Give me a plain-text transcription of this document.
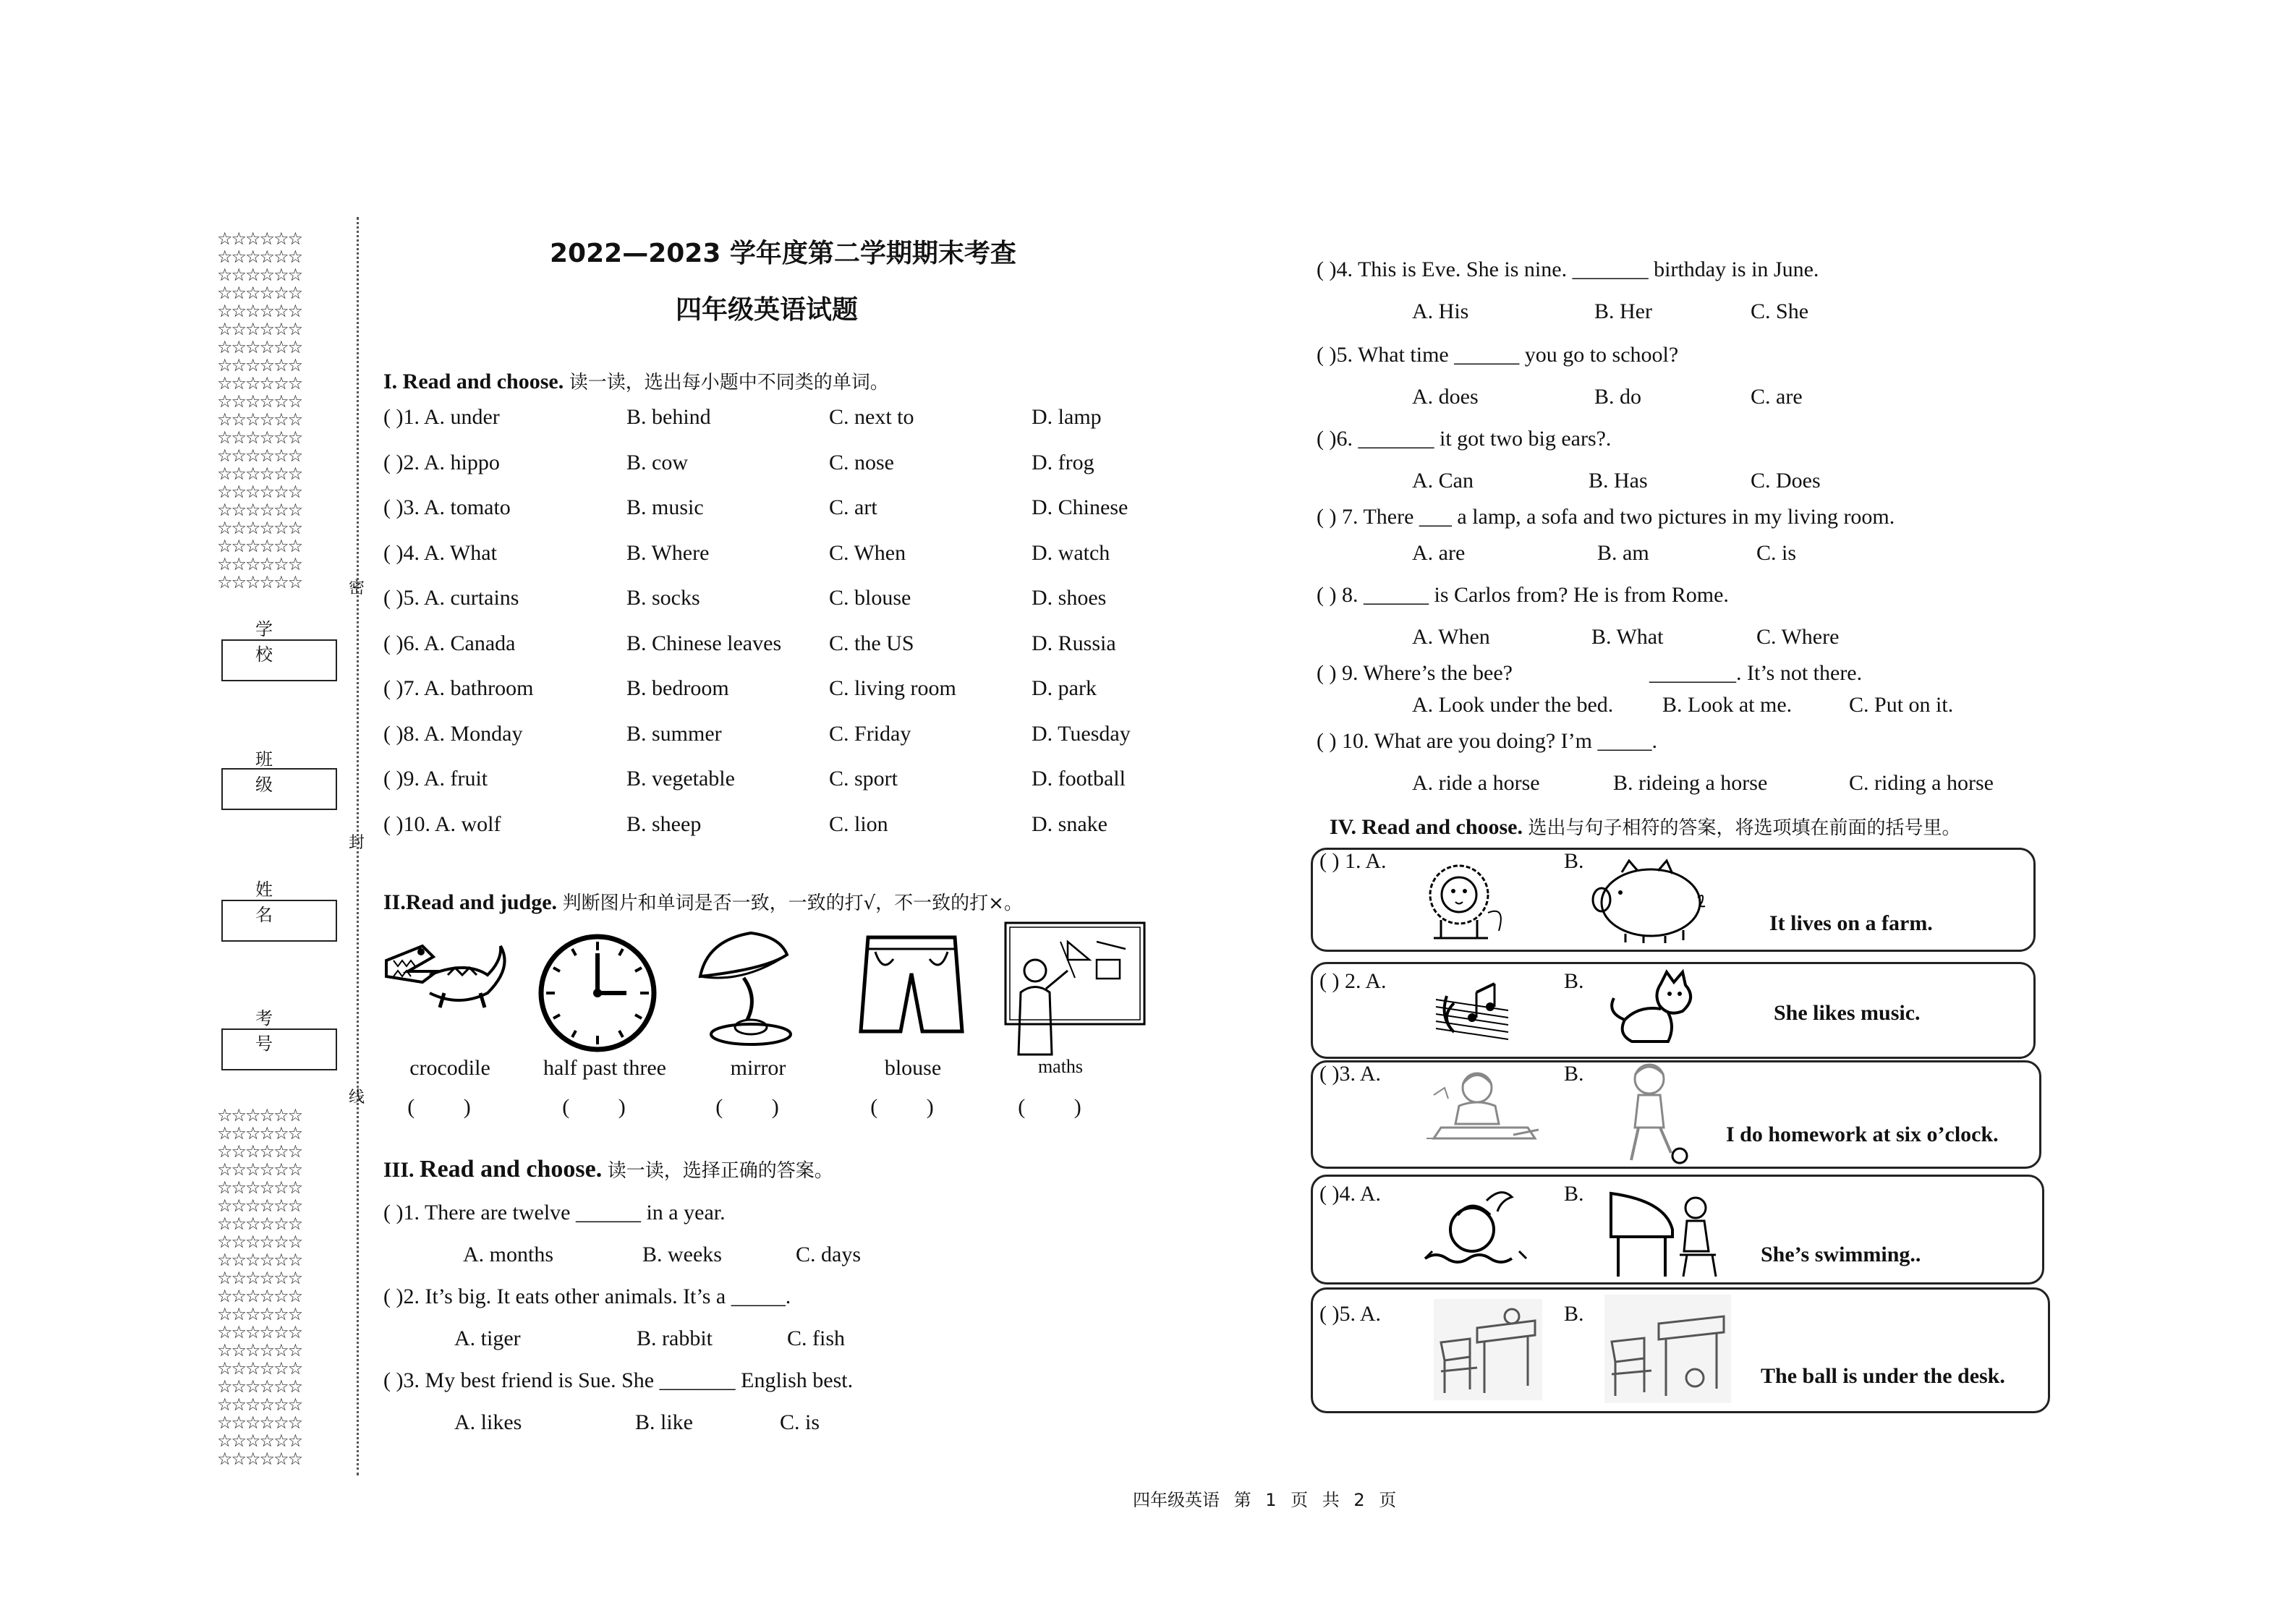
☆☆☆☆☆☆
☆☆☆☆☆☆
☆☆☆☆☆☆
☆☆☆☆☆☆
☆☆☆☆☆☆
☆☆☆☆☆☆
☆☆☆☆☆☆
☆☆☆☆☆☆
☆☆☆☆☆☆
☆☆☆☆☆☆
☆☆☆☆☆☆
☆☆☆☆☆☆
☆☆☆☆☆☆
☆☆☆☆☆☆
☆☆☆☆☆☆
☆☆☆☆☆☆
☆☆☆☆☆☆
☆☆☆☆☆☆
☆☆☆☆☆☆
☆☆☆☆☆☆
☆☆☆☆☆☆
☆☆☆☆☆☆
☆☆☆☆☆☆
☆☆☆☆☆☆
☆☆☆☆☆☆
☆☆☆☆☆☆
☆☆☆☆☆☆
☆☆☆☆☆☆
☆☆☆☆☆☆
☆☆☆☆☆☆
☆☆☆☆☆☆
☆☆☆☆☆☆
☆☆☆☆☆☆
☆☆☆☆☆☆
☆☆☆☆☆☆
☆☆☆☆☆☆
☆☆☆☆☆☆
☆☆☆☆☆☆
☆☆☆☆☆☆
☆☆☆☆☆☆
密
封
线
学 校
班 级
姓 名
考 号
2022—2023 学年度第二学期期末考查
四年级英语试题
I. Read and choose. 读一读，选出每小题中不同类的单词。
( )1. A. under	B. behind	C. next to	D. lamp
( )2. A. hippo	B. cow	C. nose	D. frog
( )3. A. tomato	B. music	C. art	D. Chinese
( )4. A. What	B. Where	C. When	D. watch
( )5. A. curtains	B. socks	C. blouse	D. shoes
( )6. A. Canada	B. Chinese leaves C. the US	D. Russia
( )7. A. bathroom	B. bedroom	C. living room	D. park
( )8. A. Monday	B. summer	C. Friday	D. Tuesday
( )9. A. fruit	B. vegetable	C. sport	D. football
( )10. A. wolf	B. sheep	C. lion	D. snake
II.Read and judge. 判断图片和单词是否一致，一致的打√，不一致的打×。
crocodile
( )
half past three
( )
mirror
( )
blouse
( )
maths
( )
III. Read and choose. 读一读，选择正确的答案。
( )1. There are twelve ______ in a year.
A. months	B. weeks	C. days
( )2. It’s big. It eats other animals. It’s a _____.
A. tiger	B. rabbit	C. fish
( )3. My best friend is Sue. She _______ English best.
A. likes	B. like	C. is
( )4. This is Eve. She is nine. _______ birthday is in June.
A. His	B. Her	C. She
( )5. What time ______ you go to school?
A. does	B. do	C. are
( )6. _______ it got two big ears?.
A. Can	B. Has	C. Does
( ) 7. There ___ a lamp, a sofa and two pictures in my living room.
A. are	B. am	C. is
( ) 8. ______ is Carlos from? He is from Rome.
A. When	B. What	C. Where
( ) 9. Where’s the bee?	________. It’s not there.
A. Look under the bed. B. Look at me.	C. Put on it.
( ) 10. What are you doing? I’m _____.
A. ride a horse	B. rideing a horse	C. riding a horse
IV. Read and choose. 选出与句子相符的答案，将选项填在前面的括号里。
( ) 1. A.	B.
It lives on a farm.
( ) 2. A.	B.
She likes music.
( )3. A.	B.
I do homework at six o’clock.
( )4. A.	B.
She’s swimming..
( )5. A.	B.
The ball is under the desk.
四年级英语 第 1 页 共 2 页
